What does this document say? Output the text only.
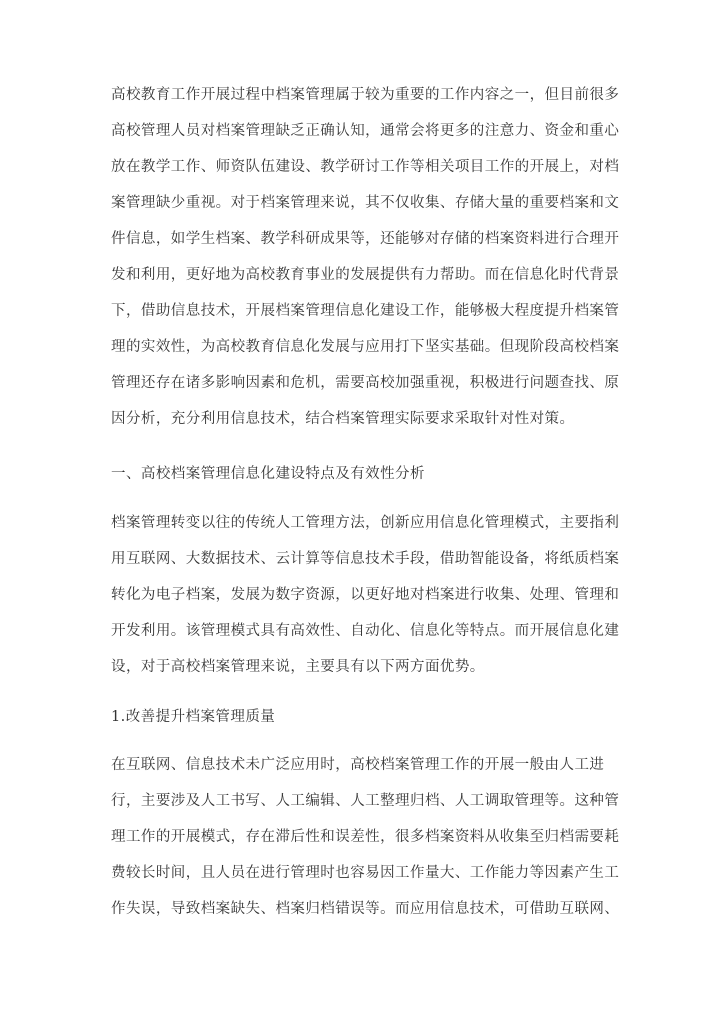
高校教育工作开展过程中档案管理属于较为重要的工作内容之一，但目前很多
高校管理人员对档案管理缺乏正确认知，通常会将更多的注意力、资金和重心
放在教学工作、师资队伍建设、教学研讨工作等相关项目工作的开展上，对档
案管理缺少重视。对于档案管理来说，其不仅收集、存储大量的重要档案和文
件信息，如学生档案、教学科研成果等，还能够对存储的档案资料进行合理开
发和利用，更好地为高校教育事业的发展提供有力帮助。而在信息化时代背景
下，借助信息技术，开展档案管理信息化建设工作，能够极大程度提升档案管
理的实效性，为高校教育信息化发展与应用打下坚实基础。但现阶段高校档案
管理还存在诸多影响因素和危机，需要高校加强重视，积极进行问题查找、原
因分析，充分利用信息技术，结合档案管理实际要求采取针对性对策。
一、高校档案管理信息化建设特点及有效性分析
档案管理转变以往的传统人工管理方法，创新应用信息化管理模式，主要指利
用互联网、大数据技术、云计算等信息技术手段，借助智能设备，将纸质档案
转化为电子档案，发展为数字资源，以更好地对档案进行收集、处理、管理和
开发利用。该管理模式具有高效性、自动化、信息化等特点。而开展信息化建
设，对于高校档案管理来说，主要具有以下两方面优势。
1.改善提升档案管理质量
在互联网、信息技术未广泛应用时，高校档案管理工作的开展一般由人工进
行，主要涉及人工书写、人工编辑、人工整理归档、人工调取管理等。这种管
理工作的开展模式，存在滞后性和误差性，很多档案资料从收集至归档需要耗
费较长时间，且人员在进行管理时也容易因工作量大、工作能力等因素产生工
作失误，导致档案缺失、档案归档错误等。而应用信息技术，可借助互联网、
